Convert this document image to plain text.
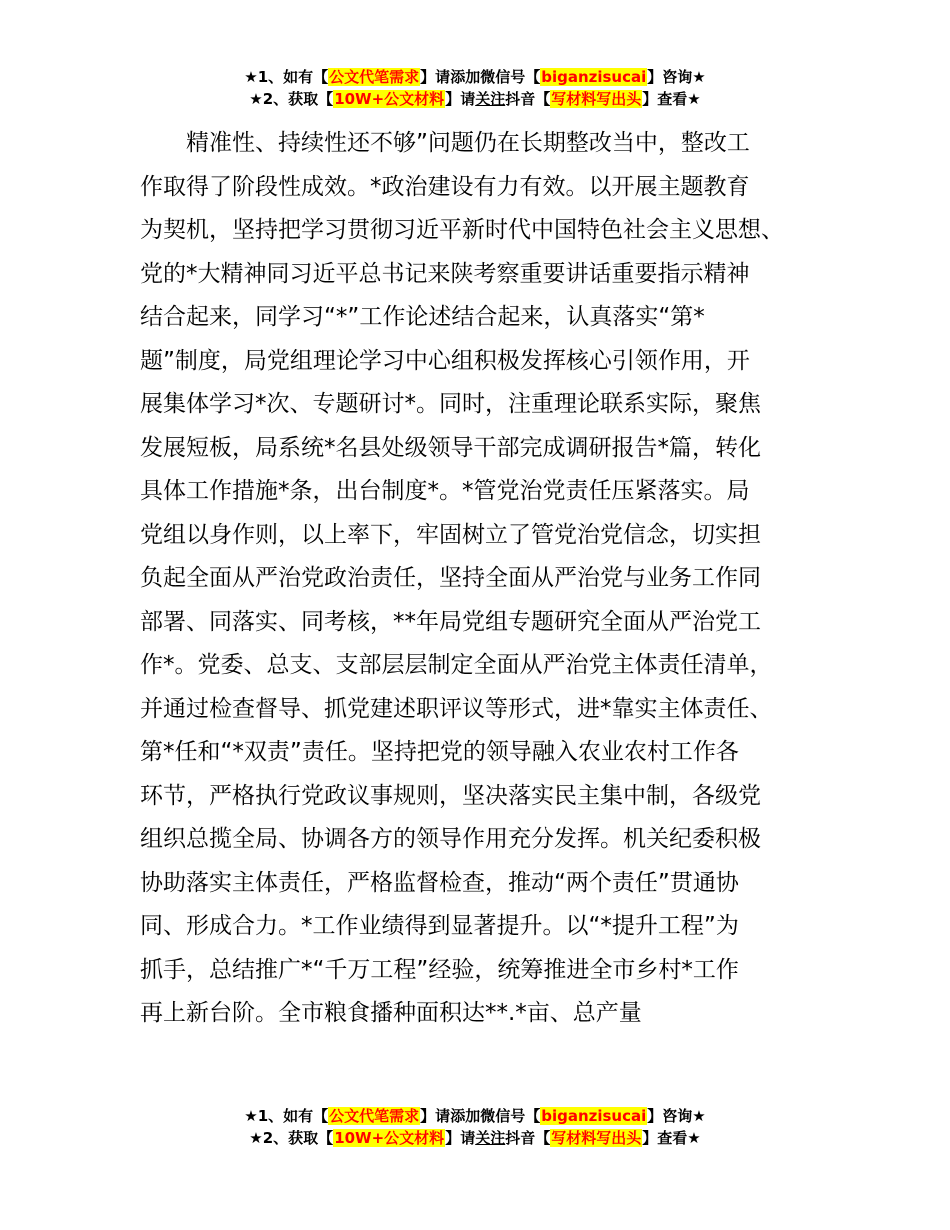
★1、如有【公文代笔需求】请添加微信号【biganzisucai】咨询★
★2、获取【10W+公文材料】请关注抖音【写材料写出头】查看★
　　精准性、持续性还不够”问题仍在长期整改当中，整改工
作取得了阶段性成效。*政治建设有力有效。以开展主题教育
为契机，坚持把学习贯彻习近平新时代中国特色社会主义思想、
党的*大精神同习近平总书记来陕考察重要讲话重要指示精神
结合起来，同学习“*”工作论述结合起来，认真落实“第*
题”制度，局党组理论学习中心组积极发挥核心引领作用，开
展集体学习*次、专题研讨*。同时，注重理论联系实际，聚焦
发展短板，局系统*名县处级领导干部完成调研报告*篇，转化
具体工作措施*条，出台制度*。*管党治党责任压紧落实。局
党组以身作则，以上率下，牢固树立了管党治党信念，切实担
负起全面从严治党政治责任，坚持全面从严治党与业务工作同
部署、同落实、同考核，**年局党组专题研究全面从严治党工
作*。党委、总支、支部层层制定全面从严治党主体责任清单，
并通过检查督导、抓党建述职评议等形式，进*靠实主体责任、
第*任和“*双责”责任。坚持把党的领导融入农业农村工作各
环节，严格执行党政议事规则，坚决落实民主集中制，各级党
组织总揽全局、协调各方的领导作用充分发挥。机关纪委积极
协助落实主体责任，严格监督检查，推动“两个责任”贯通协
同、形成合力。*工作业绩得到显著提升。以“*提升工程”为
抓手，总结推广*“千万工程”经验，统筹推进全市乡村*工作
再上新台阶。全市粮食播种面积达**.*亩、总产量
★1、如有【公文代笔需求】请添加微信号【biganzisucai】咨询★
★2、获取【10W+公文材料】请关注抖音【写材料写出头】查看★
